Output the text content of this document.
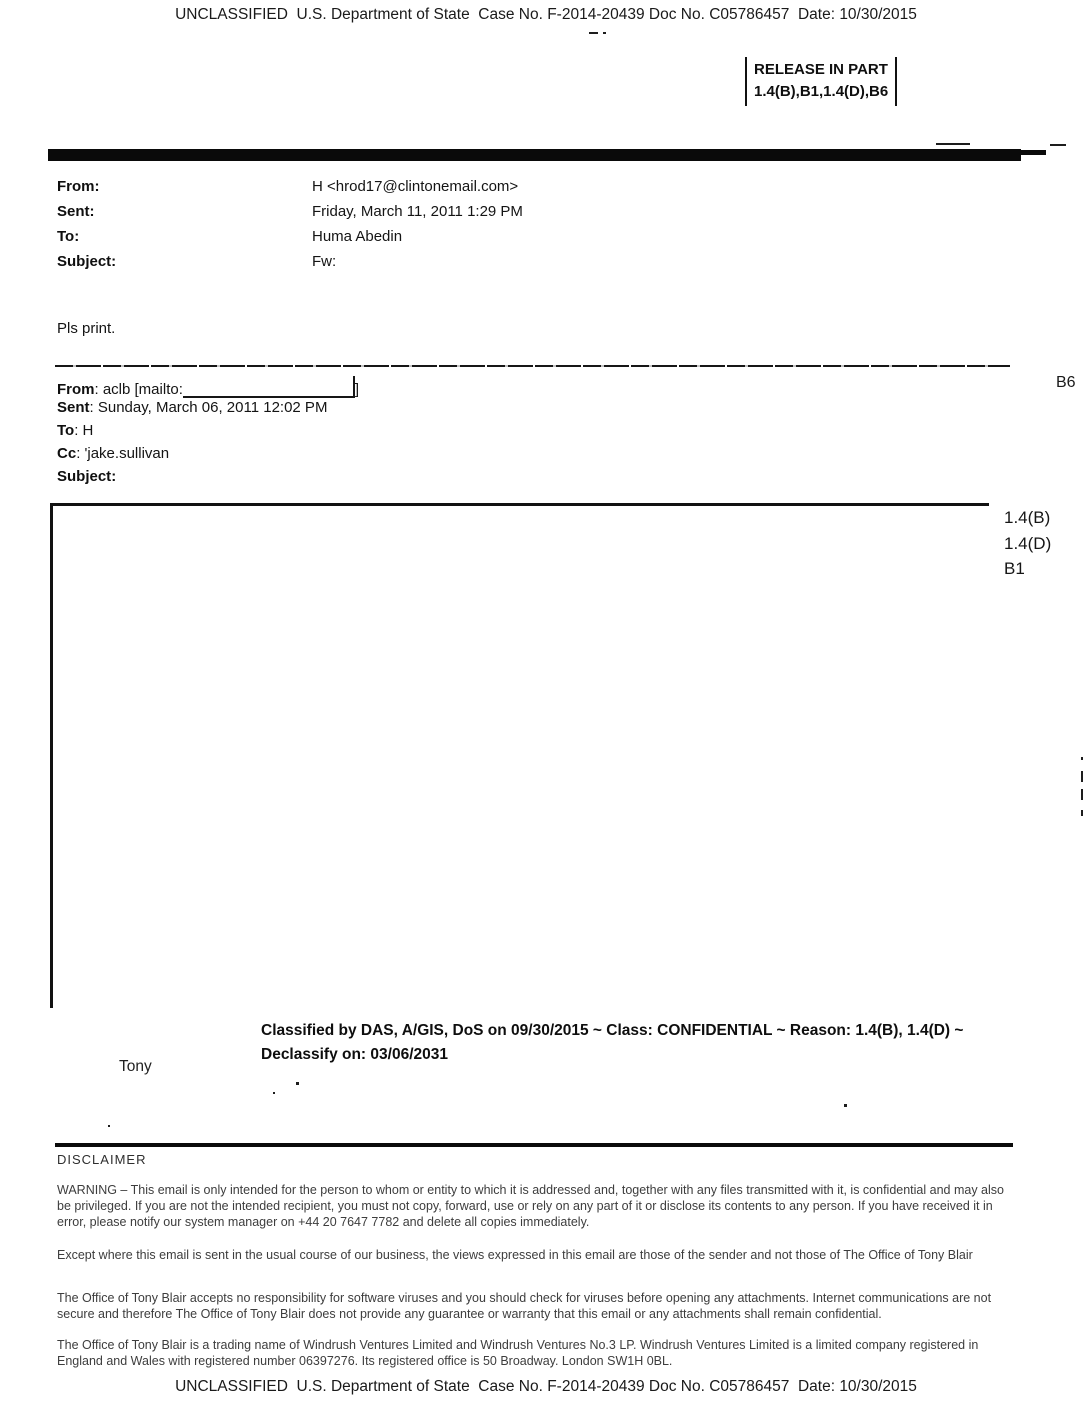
UNCLASSIFIED  U.S. Department of State  Case No. F-2014-20439 Doc No. C05786457  Date: 10/30/2015
RELEASE IN PART
1.4(B),B1,1.4(D),B6
From:	H <hrod17@clintonemail.com>
Sent:	Friday, March 11, 2011 1:29 PM
To:	Huma Abedin
Subject:	Fw:
Pls print.
From: aclb [mailto:	]
Sent: Sunday, March 06, 2011 12:02 PM
To: H
Cc: 'jake.sullivan
Subject:
B6
1.4(B)
1.4(D)
B1
Classified by DAS, A/GIS, DoS on 09/30/2015 ~ Class: CONFIDENTIAL ~ Reason: 1.4(B), 1.4(D) ~ Declassify on: 03/06/2031
Tony
DISCLAIMER
WARNING – This email is only intended for the person to whom or entity to which it is addressed and, together with any files transmitted with it, is confidential and may also be privileged. If you are not the intended recipient, you must not copy, forward, use or rely on any part of it or disclose its contents to any person. If you have received it in error, please notify our system manager on +44 20 7647 7782 and delete all copies immediately.
Except where this email is sent in the usual course of our business, the views expressed in this email are those of the sender and not those of The Office of Tony Blair
The Office of Tony Blair accepts no responsibility for software viruses and you should check for viruses before opening any attachments. Internet communications are not secure and therefore The Office of Tony Blair does not provide any guarantee or warranty that this email or any attachments shall remain confidential.
The Office of Tony Blair is a trading name of Windrush Ventures Limited and Windrush Ventures No.3 LP. Windrush Ventures Limited is a limited company registered in England and Wales with registered number 06397276. Its registered office is 50 Broadway. London SW1H 0BL.
UNCLASSIFIED  U.S. Department of State  Case No. F-2014-20439 Doc No. C05786457  Date: 10/30/2015
